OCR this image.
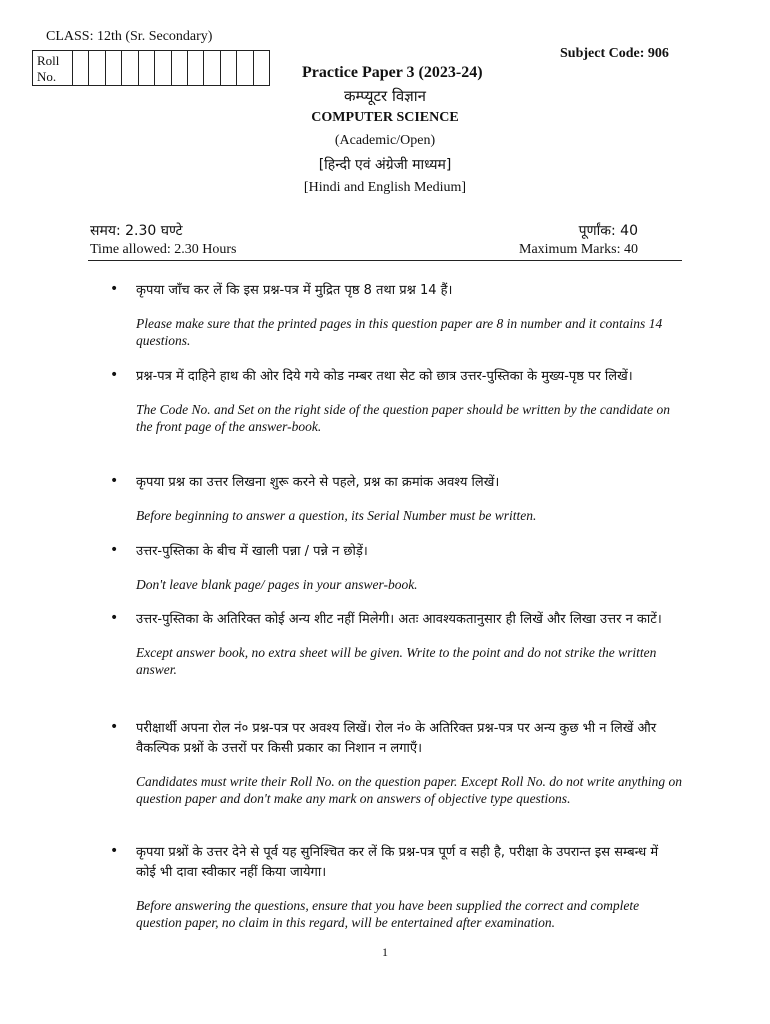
CLASS: 12th (Sr. Secondary)
Roll
No.
Subject Code: 906
Practice Paper 3 (2023-24)
कम्प्यूटर विज्ञान
COMPUTER SCIENCE
(Academic/Open)
[हिन्दी एवं अंग्रेजी माध्यम]
[Hindi and English Medium]
समय: 2.30 घण्टे
Time allowed: 2.30 Hours
पूर्णांक: 40
Maximum Marks: 40
• कृपया जाँच कर लें कि इस प्रश्न-पत्र में मुद्रित पृष्ठ 8 तथा प्रश्न 14 हैं।
Please make sure that the printed pages in this question paper are 8 in number and it contains 14 questions.
• प्रश्न-पत्र में दाहिने हाथ की ओर दिये गये कोड नम्बर तथा सेट को छात्र उत्तर-पुस्तिका के मुख्य-पृष्ठ पर लिखें।
The Code No. and Set on the right side of the question paper should be written by the candidate on the front page of the answer-book.
• कृपया प्रश्न का उत्तर लिखना शुरू करने से पहले, प्रश्न का क्रमांक अवश्य लिखें।
Before beginning to answer a question, its Serial Number must be written.
• उत्तर-पुस्तिका के बीच में खाली पन्ना / पन्ने न छोड़ें।
Don't leave blank page/ pages in your answer-book.
• उत्तर-पुस्तिका के अतिरिक्त कोई अन्य शीट नहीं मिलेगी। अतः आवश्यकतानुसार ही लिखें और लिखा उत्तर न काटें।
Except answer book, no extra sheet will be given. Write to the point and do not strike the written answer.
• परीक्षार्थी अपना रोल नं० प्रश्न-पत्र पर अवश्य लिखें। रोल नं० के अतिरिक्त प्रश्न-पत्र पर अन्य कुछ भी न लिखें और वैकल्पिक प्रश्नों के उत्तरों पर किसी प्रकार का निशान न लगाएँ।
Candidates must write their Roll No. on the question paper. Except Roll No. do not write anything on question paper and don't make any mark on answers of objective type questions.
• कृपया प्रश्नों के उत्तर देने से पूर्व यह सुनिश्चित कर लें कि प्रश्न-पत्र पूर्ण व सही है, परीक्षा के उपरान्त इस सम्बन्ध में कोई भी दावा स्वीकार नहीं किया जायेगा।
Before answering the questions, ensure that you have been supplied the correct and complete question paper, no claim in this regard, will be entertained after examination.
1
